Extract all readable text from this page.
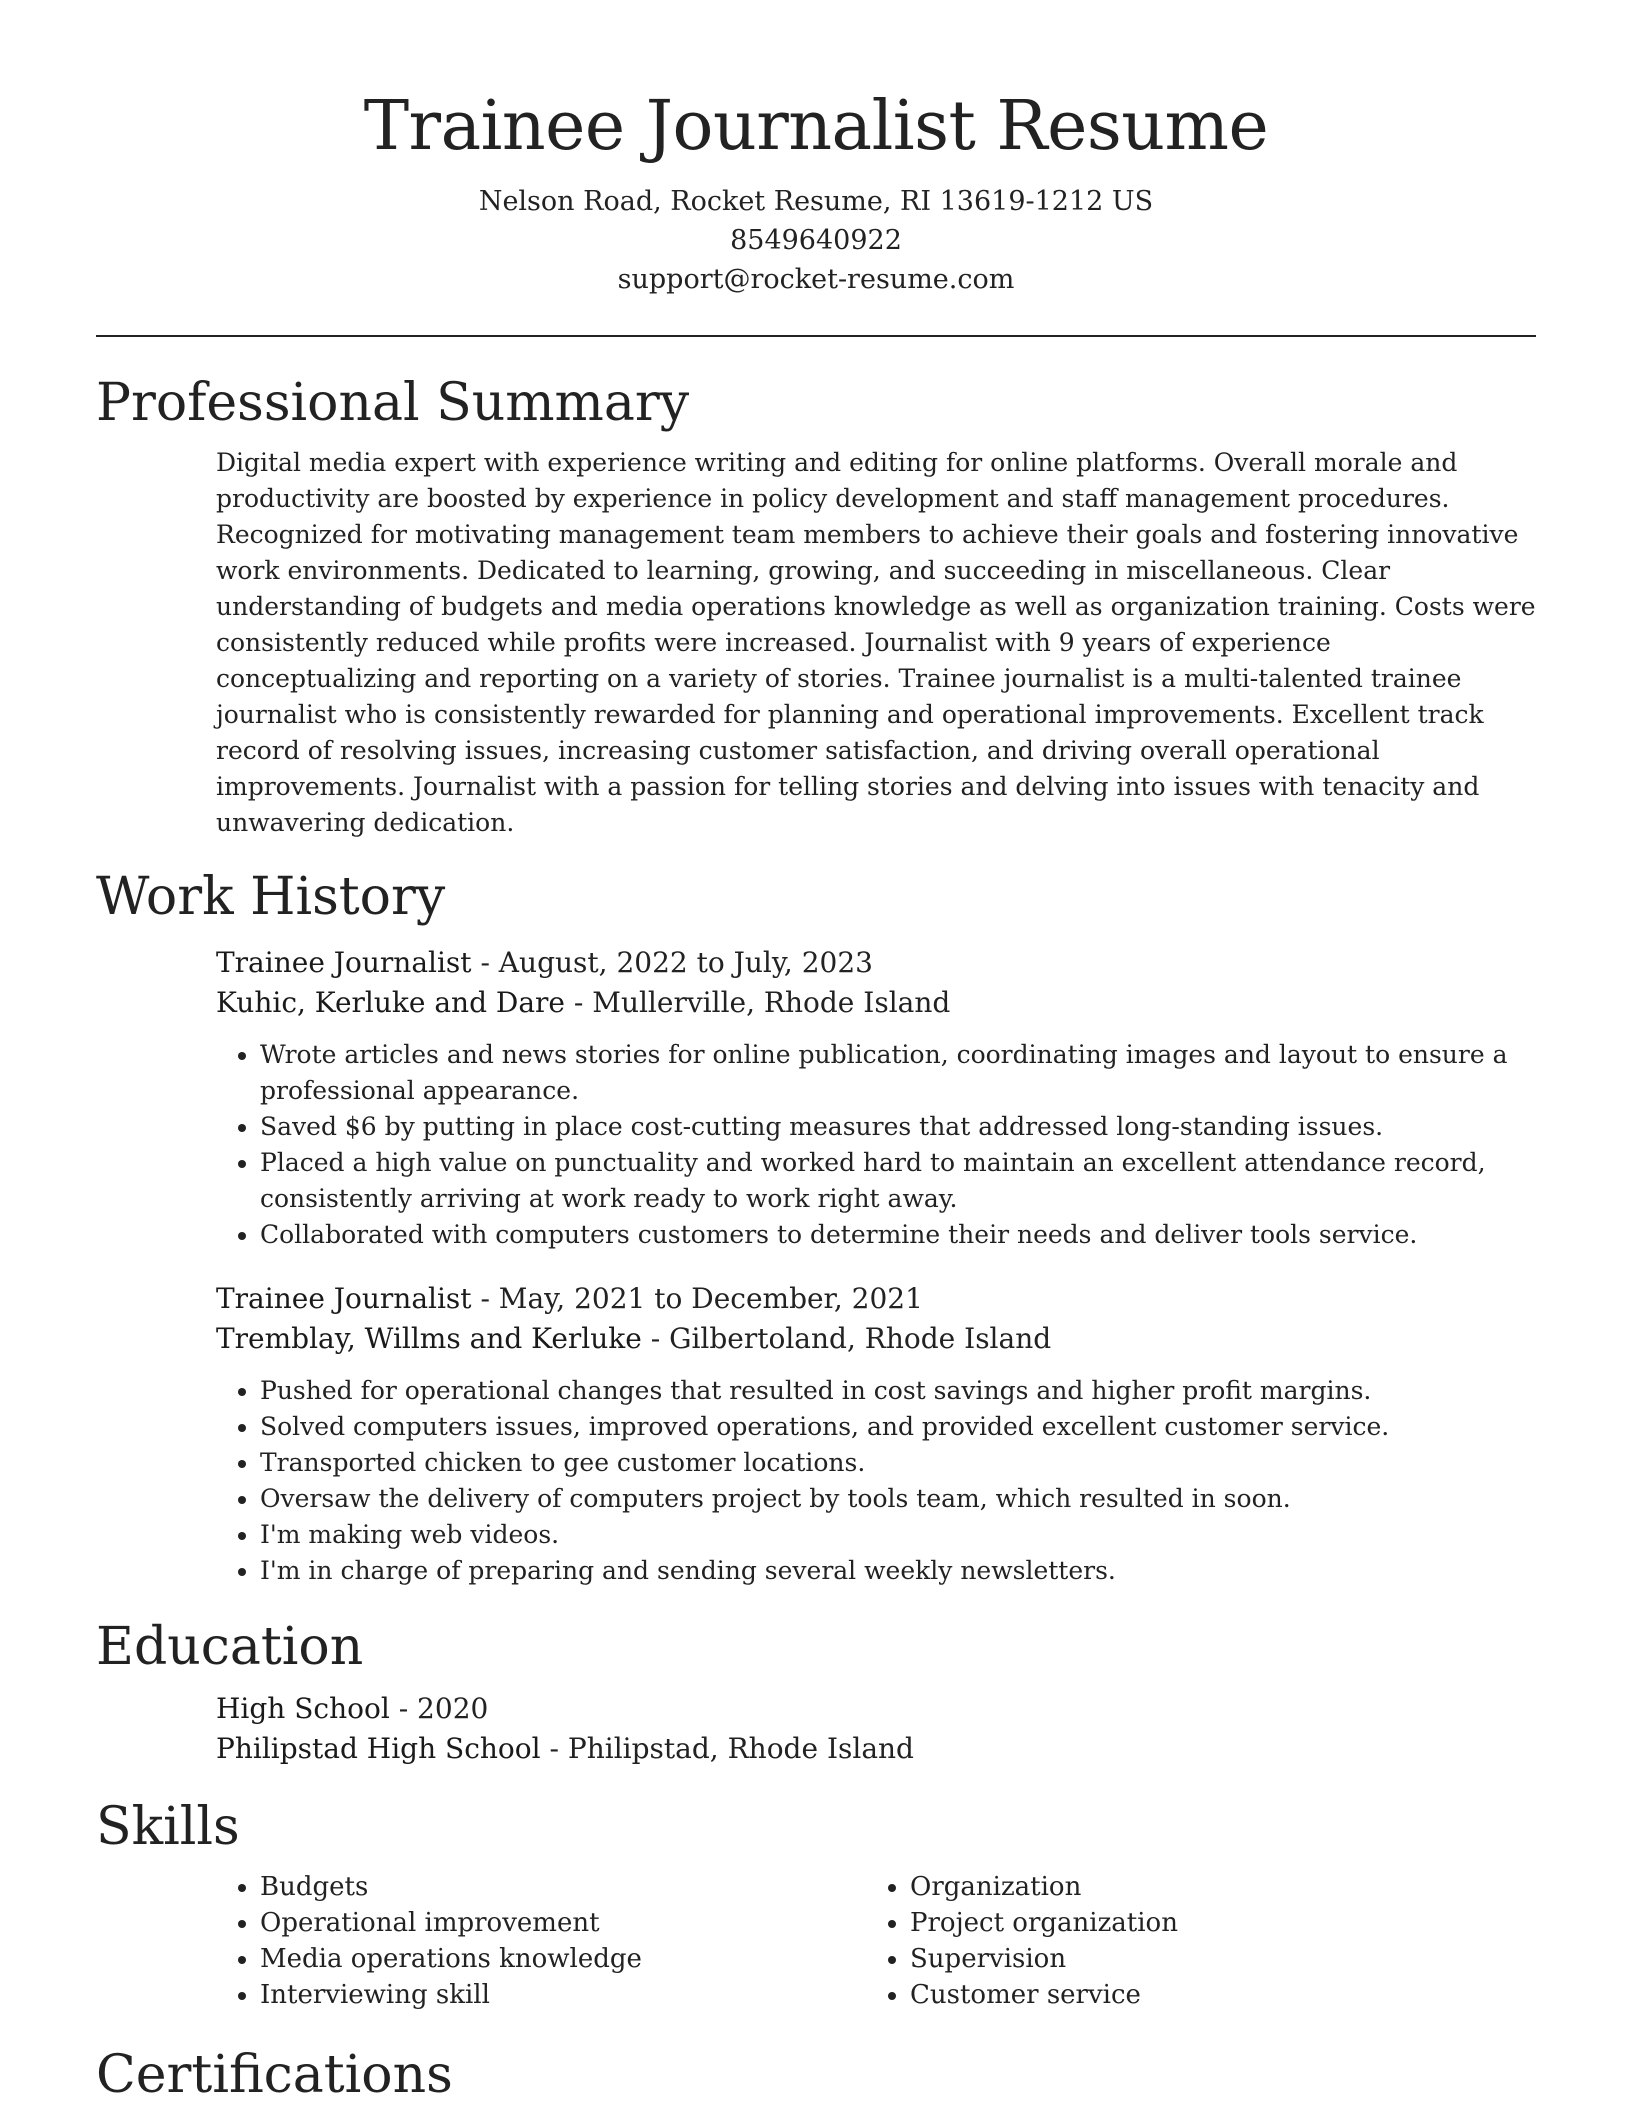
Trainee Journalist Resume
Nelson Road, Rocket Resume, RI 13619-1212 US
8549640922
support@rocket-resume.com
Professional Summary

Digital media expert with experience writing and editing for online platforms. Overall morale and productivity are boosted by experience in policy development and staff management procedures. Recognized for motivating management team members to achieve their goals and fostering innovative work environments. Dedicated to learning, growing, and succeeding in miscellaneous. Clear understanding of budgets and media operations knowledge as well as organization training. Costs were consistently reduced while profits were increased. Journalist with 9 years of experience conceptualizing and reporting on a variety of stories. Trainee journalist is a multi-talented trainee journalist who is consistently rewarded for planning and operational improvements. Excellent track record of resolving issues, increasing customer satisfaction, and driving overall operational improvements. Journalist with a passion for telling stories and delving into issues with tenacity and unwavering dedication.

Work History

Trainee Journalist - August, 2022 to July, 2023

Kuhic, Kerluke and Dare - Mullerville, Rhode Island

• Wrote articles and news stories for online publication, coordinating images and layout to ensure a professional appearance.
• Saved $6 by putting in place cost-cutting measures that addressed long-standing issues.
• Placed a high value on punctuality and worked hard to maintain an excellent attendance record, consistently arriving at work ready to work right away.
• Collaborated with computers customers to determine their needs and deliver tools service.

Trainee Journalist - May, 2021 to December, 2021

Tremblay, Willms and Kerluke - Gilbertoland, Rhode Island

• Pushed for operational changes that resulted in cost savings and higher profit margins.
• Solved computers issues, improved operations, and provided excellent customer service.
• Transported chicken to gee customer locations.
• Oversaw the delivery of computers project by tools team, which resulted in soon.
• I'm making web videos.
• I'm in charge of preparing and sending several weekly newsletters.
Education

High School - 2020

Philipstad High School - Philipstad, Rhode Island

Skills
• Budgets
• Operational improvement
• Media operations knowledge
• Interviewing skill
• Organization
• Project organization
• Supervision
• Customer service
Certifications
